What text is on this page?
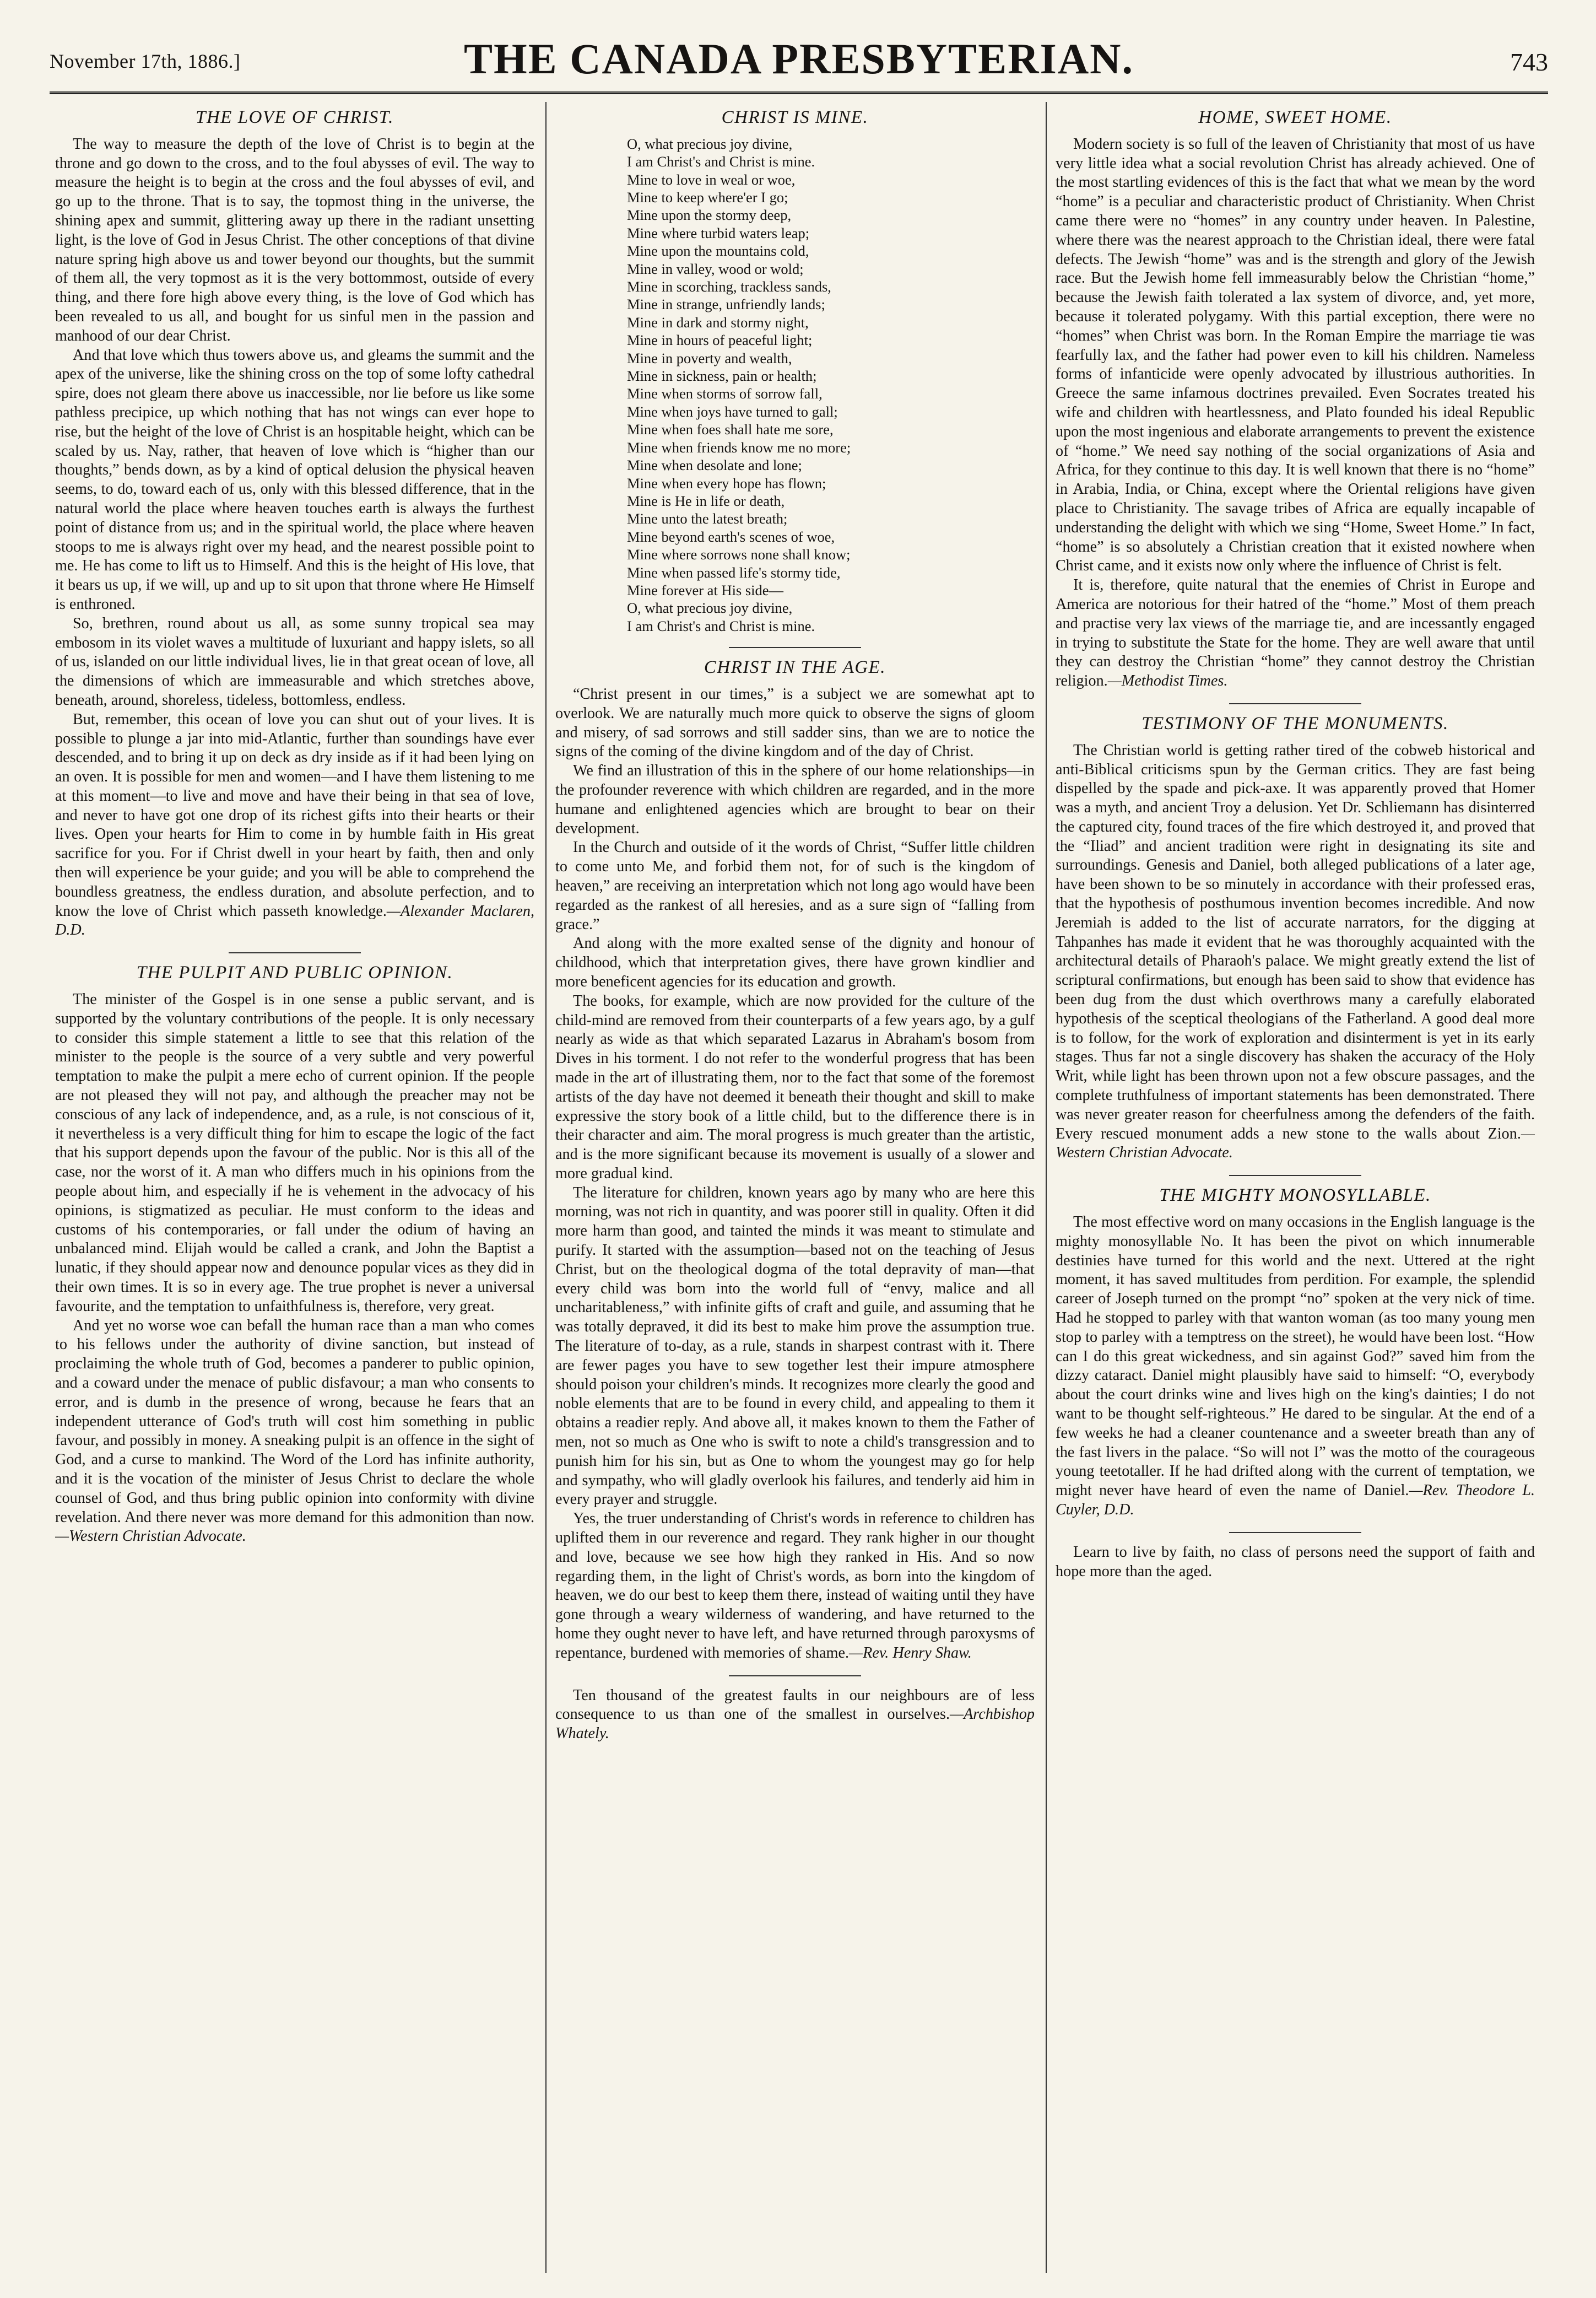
November 17th, 1886.]	THE CANADA PRESBYTERIAN.	743
THE LOVE OF CHRIST.

The way to measure the depth of the love of Christ is to begin at the throne and go down to the cross, and to the foul abysses of evil. The way to measure the height is to begin at the cross and the foul abysses of evil, and go up to the throne. That is to say, the topmost thing in the universe, the shining apex and summit, glittering away up there in the radiant unsetting light, is the love of God in Jesus Christ. The other conceptions of that divine nature spring high above us and tower beyond our thoughts, but the summit of them all, the very topmost as it is the very bottommost, outside of every thing, and there fore high above every thing, is the love of God which has been revealed to us all, and bought for us sinful men in the passion and manhood of our dear Christ.

And that love which thus towers above us, and gleams the summit and the apex of the universe, like the shining cross on the top of some lofty cathedral spire, does not gleam there above us inaccessible, nor lie before us like some pathless precipice, up which nothing that has not wings can ever hope to rise, but the height of the love of Christ is an hospitable height, which can be scaled by us. Nay, rather, that heaven of love which is “higher than our thoughts,” bends down, as by a kind of optical delusion the physical heaven seems, to do, toward each of us, only with this blessed difference, that in the natural world the place where heaven touches earth is always the furthest point of distance from us; and in the spiritual world, the place where heaven stoops to me is always right over my head, and the nearest possible point to me. He has come to lift us to Himself. And this is the height of His love, that it bears us up, if we will, up and up to sit upon that throne where He Himself is enthroned.

So, brethren, round about us all, as some sunny tropical sea may embosom in its violet waves a multitude of luxuriant and happy islets, so all of us, islanded on our little individual lives, lie in that great ocean of love, all the dimensions of which are immeasurable and which stretches above, beneath, around, shoreless, tideless, bottomless, endless.

But, remember, this ocean of love you can shut out of your lives. It is possible to plunge a jar into mid-Atlantic, further than soundings have ever descended, and to bring it up on deck as dry inside as if it had been lying on an oven. It is possible for men and women—and I have them listening to me at this moment—to live and move and have their being in that sea of love, and never to have got one drop of its richest gifts into their hearts or their lives. Open your hearts for Him to come in by humble faith in His great sacrifice for you. For if Christ dwell in your heart by faith, then and only then will experience be your guide; and you will be able to comprehend the boundless greatness, the endless duration, and absolute perfection, and to know the love of Christ which passeth knowledge.—Alexander Maclaren, D.D.

THE PULPIT AND PUBLIC OPINION.

The minister of the Gospel is in one sense a public servant, and is supported by the voluntary contributions of the people. It is only necessary to consider this simple statement a little to see that this relation of the minister to the people is the source of a very subtle and very powerful temptation to make the pulpit a mere echo of current opinion. If the people are not pleased they will not pay, and although the preacher may not be conscious of any lack of independence, and, as a rule, is not conscious of it, it nevertheless is a very difficult thing for him to escape the logic of the fact that his support depends upon the favour of the public. Nor is this all of the case, nor the worst of it. A man who differs much in his opinions from the people about him, and especially if he is vehement in the advocacy of his opinions, is stigmatized as peculiar. He must conform to the ideas and customs of his contemporaries, or fall under the odium of having an unbalanced mind. Elijah would be called a crank, and John the Baptist a lunatic, if they should appear now and denounce popular vices as they did in their own times. It is so in every age. The true prophet is never a universal favourite, and the temptation to unfaithfulness is, therefore, very great.

And yet no worse woe can befall the human race than a man who comes to his fellows under the authority of divine sanction, but instead of proclaiming the whole truth of God, becomes a panderer to public opinion, and a coward under the menace of public disfavour; a man who consents to error, and is dumb in the presence of wrong, because he fears that an independent utterance of God's truth will cost him something in public favour, and possibly in money. A sneaking pulpit is an offence in the sight of God, and a curse to mankind. The Word of the Lord has infinite authority, and it is the vocation of the minister of Jesus Christ to declare the whole counsel of God, and thus bring public opinion into conformity with divine revelation. And there never was more demand for this admonition than now.—Western Christian Advocate.

CHRIST IS MINE.
O, what precious joy divine,
I am Christ's and Christ is mine.
Mine to love in weal or woe,
Mine to keep where'er I go;
Mine upon the stormy deep,
Mine where turbid waters leap;
Mine upon the mountains cold,
Mine in valley, wood or wold;
Mine in scorching, trackless sands,
Mine in strange, unfriendly lands;
Mine in dark and stormy night,
Mine in hours of peaceful light;
Mine in poverty and wealth,
Mine in sickness, pain or health;
Mine when storms of sorrow fall,
Mine when joys have turned to gall;
Mine when foes shall hate me sore,
Mine when friends know me no more;
Mine when desolate and lone;
Mine when every hope has flown;
Mine is He in life or death,
Mine unto the latest breath;
Mine beyond earth's scenes of woe,
Mine where sorrows none shall know;
Mine when passed life's stormy tide,
Mine forever at His side—
O, what precious joy divine,
I am Christ's and Christ is mine.
CHRIST IN THE AGE.

“Christ present in our times,” is a subject we are somewhat apt to overlook. We are naturally much more quick to observe the signs of gloom and misery, of sad sorrows and still sadder sins, than we are to notice the signs of the coming of the divine kingdom and of the day of Christ.

We find an illustration of this in the sphere of our home relationships—in the profounder reverence with which children are regarded, and in the more humane and enlightened agencies which are brought to bear on their development.

In the Church and outside of it the words of Christ, “Suffer little children to come unto Me, and forbid them not, for of such is the kingdom of heaven,” are receiving an interpretation which not long ago would have been regarded as the rankest of all heresies, and as a sure sign of “falling from grace.”

And along with the more exalted sense of the dignity and honour of childhood, which that interpretation gives, there have grown kindlier and more beneficent agencies for its education and growth.

The books, for example, which are now provided for the culture of the child-mind are removed from their counterparts of a few years ago, by a gulf nearly as wide as that which separated Lazarus in Abraham's bosom from Dives in his torment. I do not refer to the wonderful progress that has been made in the art of illustrating them, nor to the fact that some of the foremost artists of the day have not deemed it beneath their thought and skill to make expressive the story book of a little child, but to the difference there is in their character and aim. The moral progress is much greater than the artistic, and is the more significant because its movement is usually of a slower and more gradual kind.

The literature for children, known years ago by many who are here this morning, was not rich in quantity, and was poorer still in quality. Often it did more harm than good, and tainted the minds it was meant to stimulate and purify. It started with the assumption—based not on the teaching of Jesus Christ, but on the theological dogma of the total depravity of man—that every child was born into the world full of “envy, malice and all uncharitableness,” with infinite gifts of craft and guile, and assuming that he was totally depraved, it did its best to make him prove the assumption true. The literature of to-day, as a rule, stands in sharpest contrast with it. There are fewer pages you have to sew together lest their impure atmosphere should poison your children's minds. It recognizes more clearly the good and noble elements that are to be found in every child, and appealing to them it obtains a readier reply. And above all, it makes known to them the Father of men, not so much as One who is swift to note a child's transgression and to punish him for his sin, but as One to whom the youngest may go for help and sympathy, who will gladly overlook his failures, and tenderly aid him in every prayer and struggle.

Yes, the truer understanding of Christ's words in reference to children has uplifted them in our reverence and regard. They rank higher in our thought and love, because we see how high they ranked in His. And so now regarding them, in the light of Christ's words, as born into the kingdom of heaven, we do our best to keep them there, instead of waiting until they have gone through a weary wilderness of wandering, and have returned to the home they ought never to have left, and have returned through paroxysms of repentance, burdened with memories of shame.—Rev. Henry Shaw.

Ten thousand of the greatest faults in our neighbours are of less consequence to us than one of the smallest in ourselves.—Archbishop Whately.

HOME, SWEET HOME.

Modern society is so full of the leaven of Christianity that most of us have very little idea what a social revolution Christ has already achieved. One of the most startling evidences of this is the fact that what we mean by the word “home” is a peculiar and characteristic product of Christianity. When Christ came there were no “homes” in any country under heaven. In Palestine, where there was the nearest approach to the Christian ideal, there were fatal defects. The Jewish “home” was and is the strength and glory of the Jewish race. But the Jewish home fell immeasurably below the Christian “home,” because the Jewish faith tolerated a lax system of divorce, and, yet more, because it tolerated polygamy. With this partial exception, there were no “homes” when Christ was born. In the Roman Empire the marriage tie was fearfully lax, and the father had power even to kill his children. Nameless forms of infanticide were openly advocated by illustrious authorities. In Greece the same infamous doctrines prevailed. Even Socrates treated his wife and children with heartlessness, and Plato founded his ideal Republic upon the most ingenious and elaborate arrangements to prevent the existence of “home.” We need say nothing of the social organizations of Asia and Africa, for they continue to this day. It is well known that there is no “home” in Arabia, India, or China, except where the Oriental religions have given place to Christianity. The savage tribes of Africa are equally incapable of understanding the delight with which we sing “Home, Sweet Home.” In fact, “home” is so absolutely a Christian creation that it existed nowhere when Christ came, and it exists now only where the influence of Christ is felt.

It is, therefore, quite natural that the enemies of Christ in Europe and America are notorious for their hatred of the “home.” Most of them preach and practise very lax views of the marriage tie, and are incessantly engaged in trying to substitute the State for the home. They are well aware that until they can destroy the Christian “home” they cannot destroy the Christian religion.—Methodist Times.

TESTIMONY OF THE MONUMENTS.

The Christian world is getting rather tired of the cobweb historical and anti-Biblical criticisms spun by the German critics. They are fast being dispelled by the spade and pick-axe. It was apparently proved that Homer was a myth, and ancient Troy a delusion. Yet Dr. Schliemann has disinterred the captured city, found traces of the fire which destroyed it, and proved that the “Iliad” and ancient tradition were right in designating its site and surroundings. Genesis and Daniel, both alleged publications of a later age, have been shown to be so minutely in accordance with their professed eras, that the hypothesis of posthumous invention becomes incredible. And now Jeremiah is added to the list of accurate narrators, for the digging at Tahpanhes has made it evident that he was thoroughly acquainted with the architectural details of Pharaoh's palace. We might greatly extend the list of scriptural confirmations, but enough has been said to show that evidence has been dug from the dust which overthrows many a carefully elaborated hypothesis of the sceptical theologians of the Fatherland. A good deal more is to follow, for the work of exploration and disinterment is yet in its early stages. Thus far not a single discovery has shaken the accuracy of the Holy Writ, while light has been thrown upon not a few obscure passages, and the complete truthfulness of important statements has been demonstrated. There was never greater reason for cheerfulness among the defenders of the faith. Every rescued monument adds a new stone to the walls about Zion.—Western Christian Advocate.

THE MIGHTY MONOSYLLABLE.

The most effective word on many occasions in the English language is the mighty monosyllable No. It has been the pivot on which innumerable destinies have turned for this world and the next. Uttered at the right moment, it has saved multitudes from perdition. For example, the splendid career of Joseph turned on the prompt “no” spoken at the very nick of time. Had he stopped to parley with that wanton woman (as too many young men stop to parley with a temptress on the street), he would have been lost. “How can I do this great wickedness, and sin against God?” saved him from the dizzy cataract. Daniel might plausibly have said to himself: “O, everybody about the court drinks wine and lives high on the king's dainties; I do not want to be thought self-righteous.” He dared to be singular. At the end of a few weeks he had a cleaner countenance and a sweeter breath than any of the fast livers in the palace. “So will not I” was the motto of the courageous young teetotaller. If he had drifted along with the current of temptation, we might never have heard of even the name of Daniel.—Rev. Theodore L. Cuyler, D.D.

Learn to live by faith, no class of persons need the support of faith and hope more than the aged.
